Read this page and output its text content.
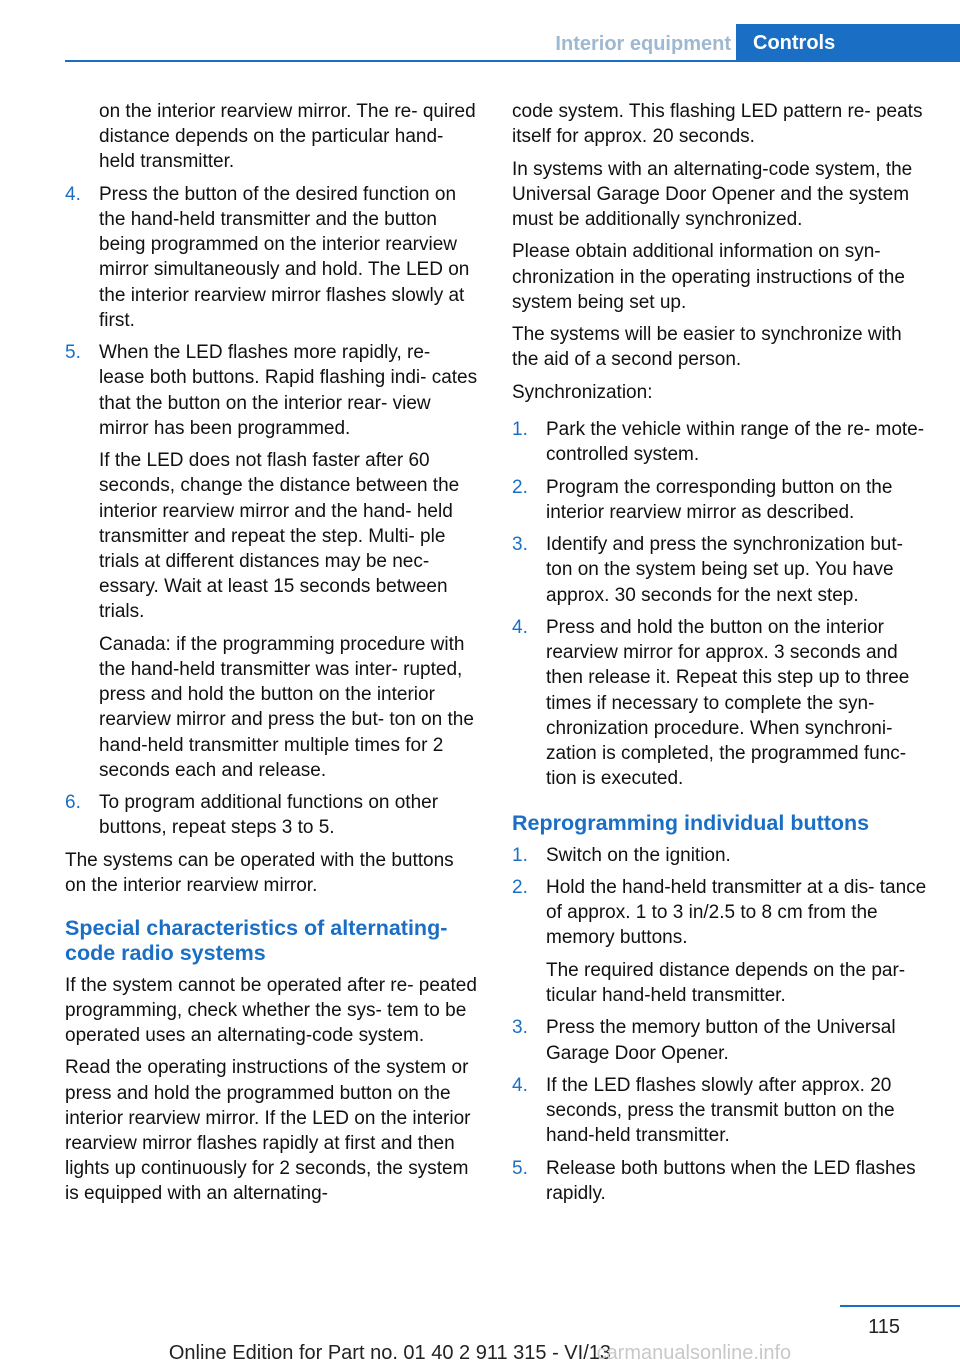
Interior equipment	Controls
on the interior rearview mirror. The re‐ quired distance depends on the particular hand-held transmitter.
4. Press the button of the desired function on the hand-held transmitter and the button being programmed on the interior rearview mirror simultaneously and hold. The LED on the interior rearview mirror flashes slowly at first.

5. When the LED flashes more rapidly, re‐ lease both buttons. Rapid flashing indi‐ cates that the button on the interior rear‐ view mirror has been programmed.

If the LED does not flash faster after 60 seconds, change the distance between the interior rearview mirror and the hand- held transmitter and repeat the step. Multi‐ ple trials at different distances may be nec‐ essary. Wait at least 15 seconds between trials.

Canada: if the programming procedure with the hand-held transmitter was inter‐ rupted, press and hold the button on the interior rearview mirror and press the but‐ ton on the hand-held transmitter multiple times for 2 seconds each and release.

6. To program additional functions on other buttons, repeat steps 3 to 5.

The systems can be operated with the buttons on the interior rearview mirror.

Special characteristics of alternating-code radio systems

If the system cannot be operated after re‐ peated programming, check whether the sys‐ tem to be operated uses an alternating-code system.

Read the operating instructions of the system or press and hold the programmed button on the interior rearview mirror. If the LED on the interior rearview mirror flashes rapidly at first and then lights up continuously for 2 seconds, the system is equipped with an alternating-

code system. This flashing LED pattern re‐ peats itself for approx. 20 seconds.

In systems with an alternating-code system, the Universal Garage Door Opener and the system must be additionally synchronized.

Please obtain additional information on syn‐ chronization in the operating instructions of the system being set up.

The systems will be easier to synchronize with the aid of a second person.

Synchronization:

1. Park the vehicle within range of the re‐ mote-controlled system.

2. Program the corresponding button on the interior rearview mirror as described.

3. Identify and press the synchronization but‐ ton on the system being set up. You have approx. 30 seconds for the next step.

4. Press and hold the button on the interior rearview mirror for approx. 3 seconds and then release it. Repeat this step up to three times if necessary to complete the syn‐ chronization procedure. When synchroni‐ zation is completed, the programmed func‐ tion is executed.

Reprogramming individual buttons
1. Switch on the ignition.

2. Hold the hand-held transmitter at a dis‐ tance of approx. 1 to 3 in/2.5 to 8 cm from the memory buttons.

The required distance depends on the par‐ ticular hand-held transmitter.

3. Press the memory button of the Universal Garage Door Opener.

4. If the LED flashes slowly after approx. 20 seconds, press the transmit button on the hand-held transmitter.

5. Release both buttons when the LED flashes rapidly.

115
Online Edition for Part no. 01 40 2 911 315 - VI/13 carmanualsonline.info
